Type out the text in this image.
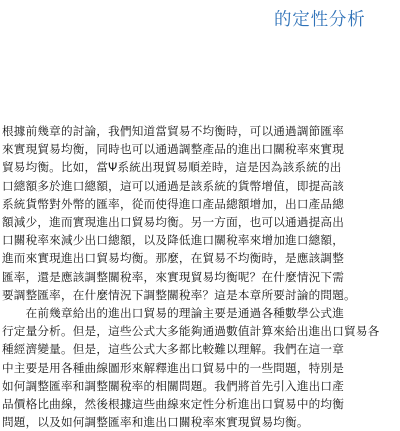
的定性分析
根據前幾章的討論，我們知道當貿易不均衡時，可以通過調節匯率
來實現貿易均衡，同時也可以通過調整產品的進出口關稅率來實現
貿易均衡。比如，當Ψ系統出現貿易順差時，這是因為該系統的出
口總額多於進口總額，這可以通過是該系統的貨幣增值，即提高該
系統貨幣對外幣的匯率，從而使得進口產品總額增加，出口產品總
額減少，進而實現進出口貿易均衡。另一方面，也可以通過提高出
口關稅率來減少出口總額，以及降低進口關稅率來增加進口總額，
進而來實現進出口貿易均衡。那麼，在貿易不均衡時，是應該調整
匯率，還是應該調整關稅率，來實現貿易均衡呢？在什麼情況下需
要調整匯率，在什麼情況下調整關稅率？這是本章所要討論的問題。
　　在前幾章給出的進出口貿易的理論主要是通過各種數學公式進
行定量分析。但是，這些公式大多能夠通過數值計算來給出進出口貿易各
種經濟變量。但是，這些公式大多都比較難以理解。我們在這一章
中主要是用各種曲線圖形來解釋進出口貿易中的一些問題，特別是
如何調整匯率和調整關稅率的相關問題。我們將首先引入進出口產
品價格比曲線，然後根據這些曲線來定性分析進出口貿易中的均衡
問題，以及如何調整匯率和進出口關稅率來實現貿易均衡。
